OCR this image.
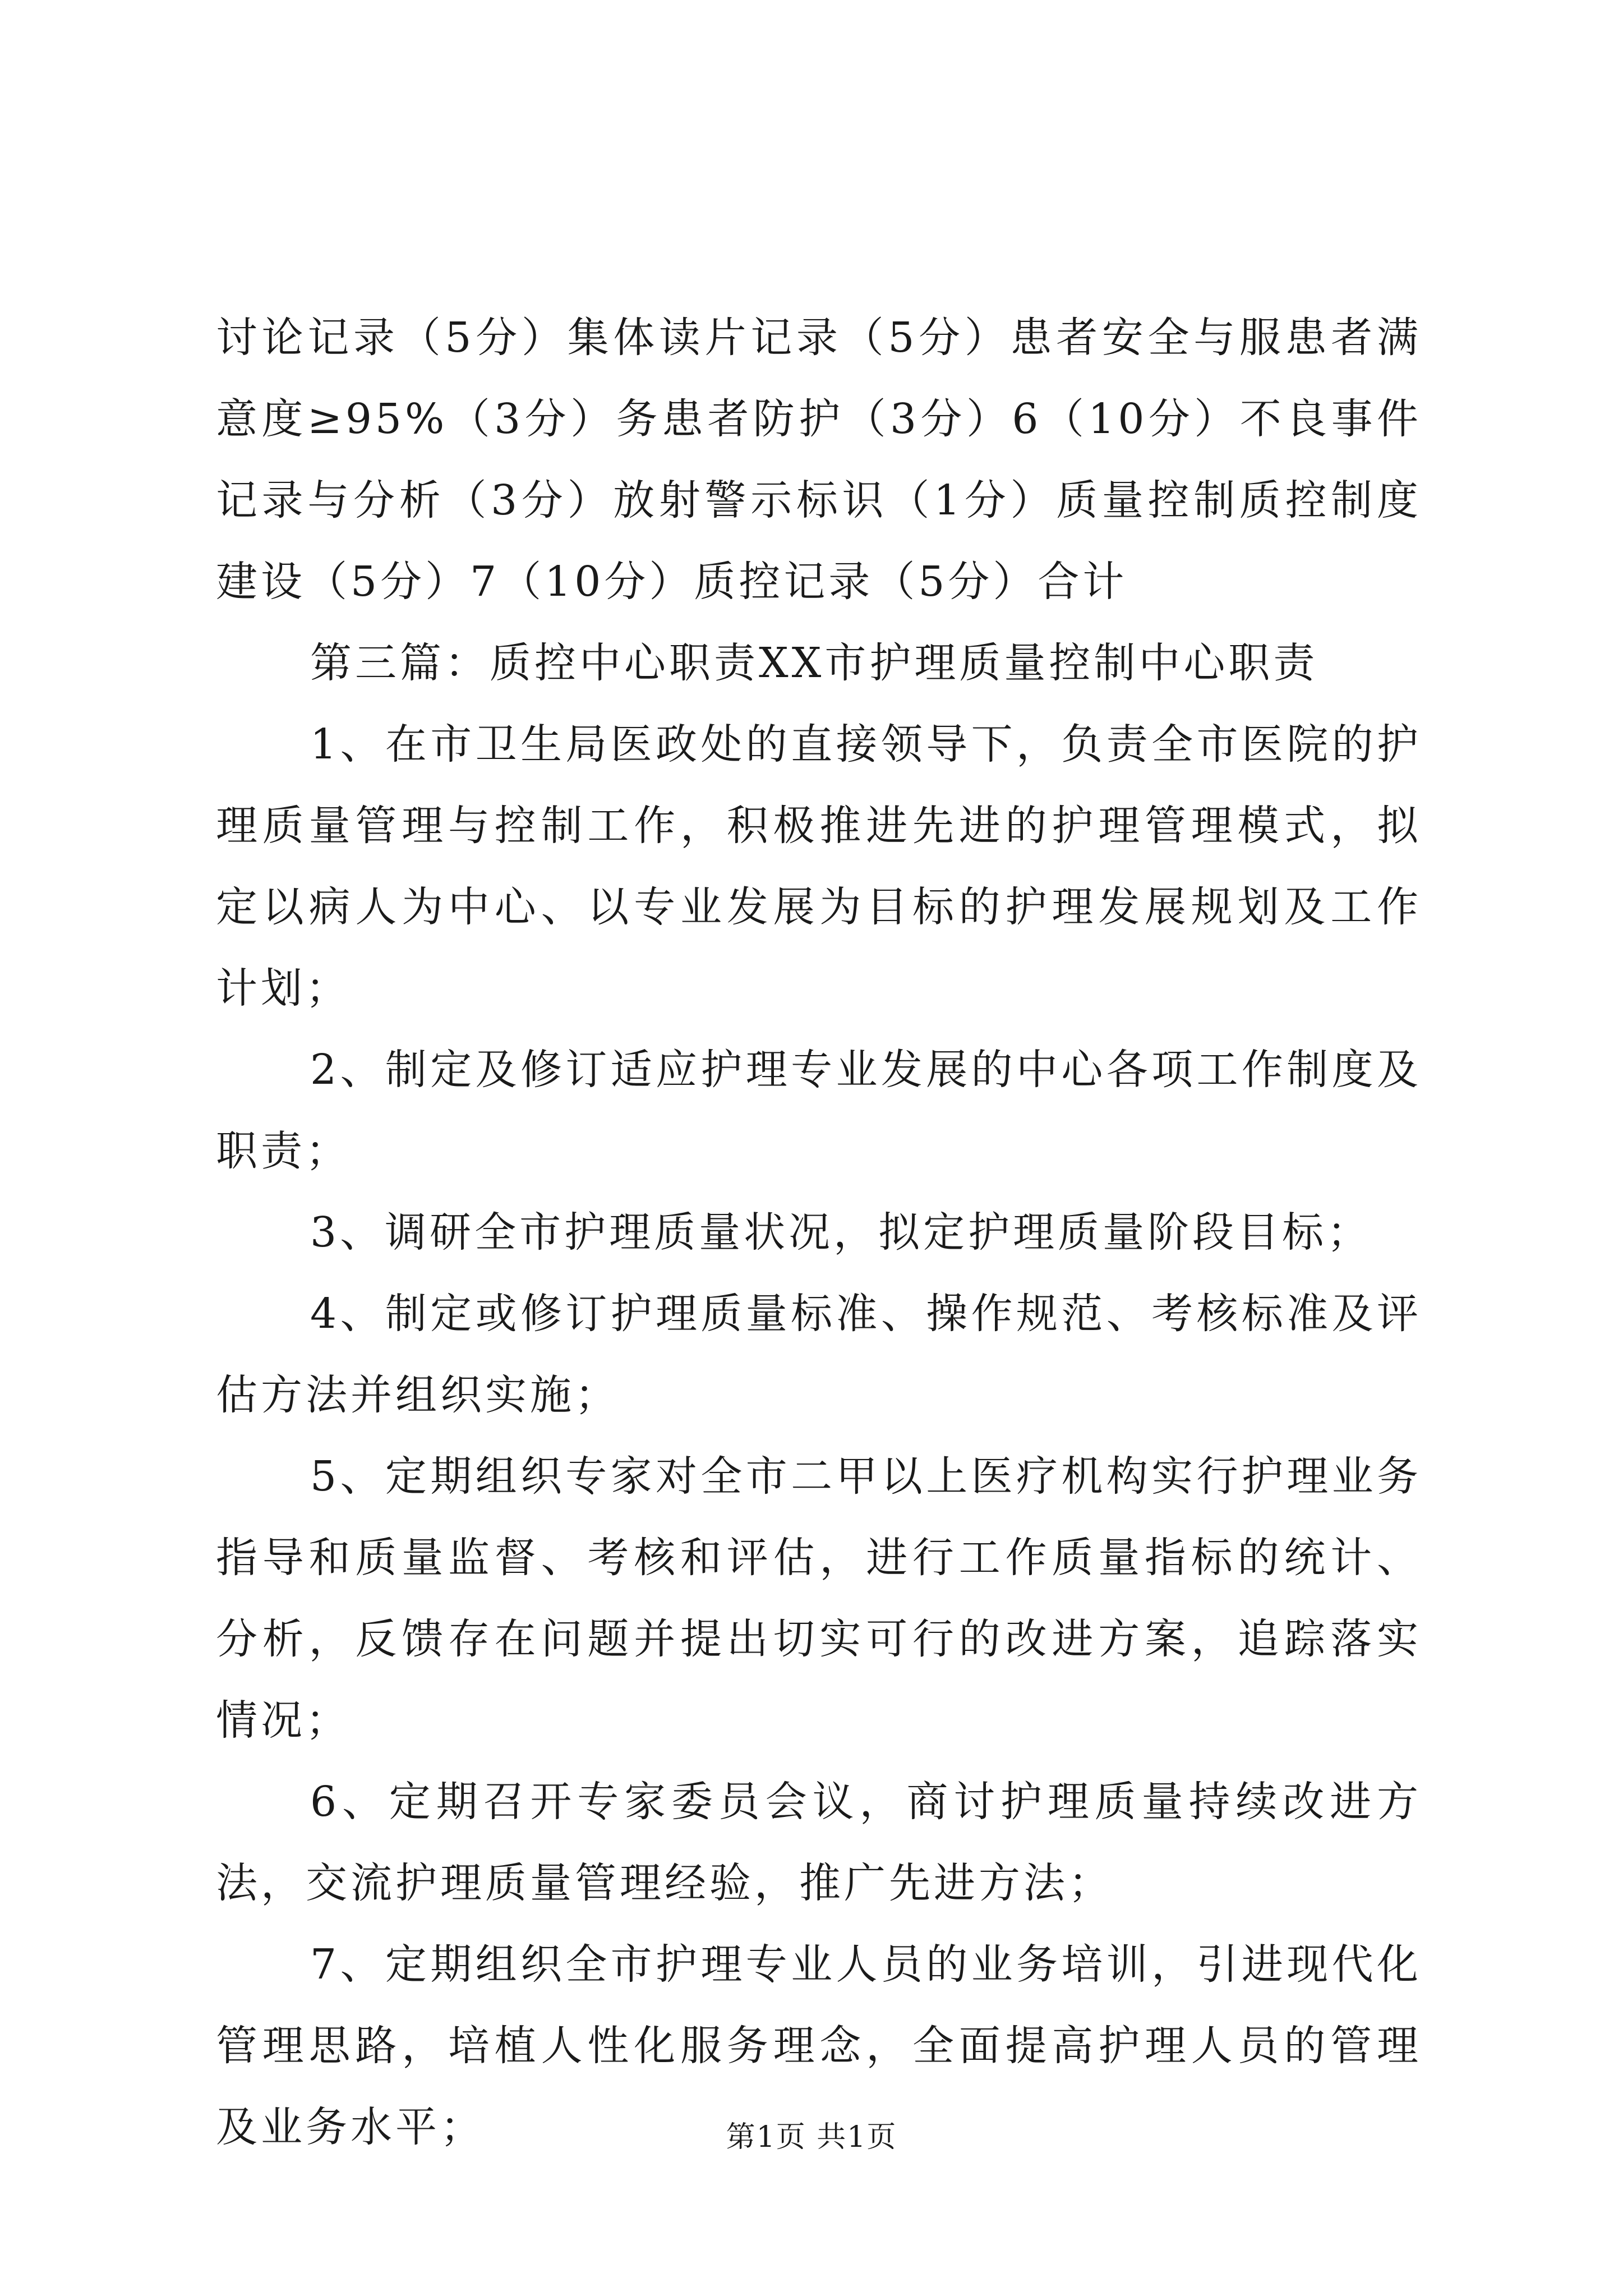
讨论记录（5分）集体读片记录（5分）患者安全与服患者满意度≥95%（3分）务患者防护（3分）6（10分）不良事件记录与分析（3分）放射警示标识（1分）质量控制质控制度建设（5分）7（10分）质控记录（5分）合计

第三篇：质控中心职责XX市护理质量控制中心职责

1、在市卫生局医政处的直接领导下，负责全市医院的护理质量管理与控制工作，积极推进先进的护理管理模式，拟定以病人为中心、以专业发展为目标的护理发展规划及工作计划；

2、制定及修订适应护理专业发展的中心各项工作制度及职责；

3、调研全市护理质量状况，拟定护理质量阶段目标；

4、制定或修订护理质量标准、操作规范、考核标准及评估方法并组织实施；

5、定期组织专家对全市二甲以上医疗机构实行护理业务指导和质量监督、考核和评估，进行工作质量指标的统计、分析，反馈存在问题并提出切实可行的改进方案，追踪落实情况；

6、定期召开专家委员会议，商讨护理质量持续改进方法，交流护理质量管理经验，推广先进方法；

7、定期组织全市护理专业人员的业务培训，引进现代化管理思路，培植人性化服务理念，全面提高护理人员的管理及业务水平；	第1页 共1页
